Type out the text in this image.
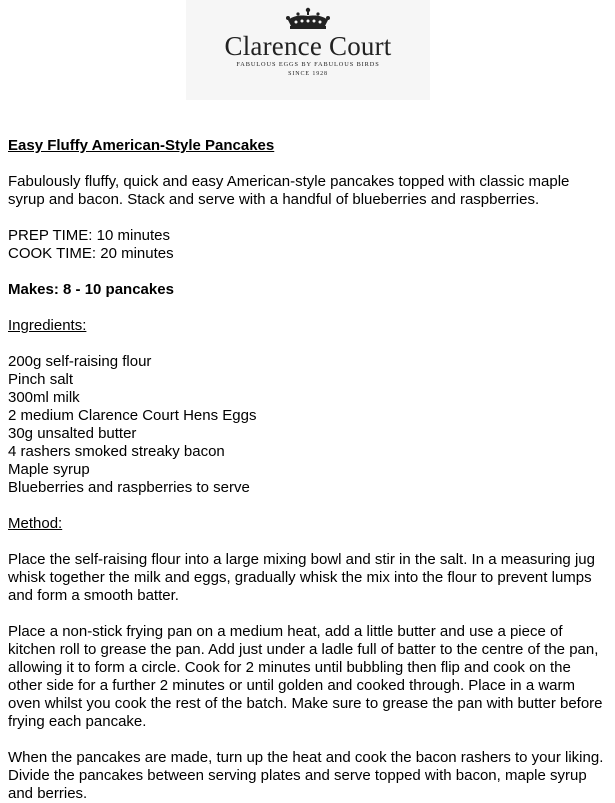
Clarence Court
FABULOUS EGGS BY FABULOUS BIRDS
SINCE 1928

Easy Fluffy American-Style Pancakes

Fabulously fluffy, quick and easy American-style pancakes topped with classic maple syrup and bacon. Stack and serve with a handful of blueberries and raspberries.

PREP TIME: 10 minutes

COOK TIME: 20 minutes

Makes: 8 - 10 pancakes

Ingredients:

200g self-raising flour
Pinch salt
300ml milk
2 medium Clarence Court Hens Eggs
30g unsalted butter
4 rashers smoked streaky bacon
Maple syrup
Blueberries and raspberries to serve

Method:

Place the self-raising flour into a large mixing bowl and stir in the salt. In a measuring jug whisk together the milk and eggs, gradually whisk the mix into the flour to prevent lumps and form a smooth batter.

Place a non-stick frying pan on a medium heat, add a little butter and use a piece of kitchen roll to grease the pan. Add just under a ladle full of batter to the centre of the pan, allowing it to form a circle. Cook for 2 minutes until bubbling then flip and cook on the other side for a further 2 minutes or until golden and cooked through. Place in a warm oven whilst you cook the rest of the batch. Make sure to grease the pan with butter before frying each pancake.

When the pancakes are made, turn up the heat and cook the bacon rashers to your liking. Divide the pancakes between serving plates and serve topped with bacon, maple syrup and berries.
